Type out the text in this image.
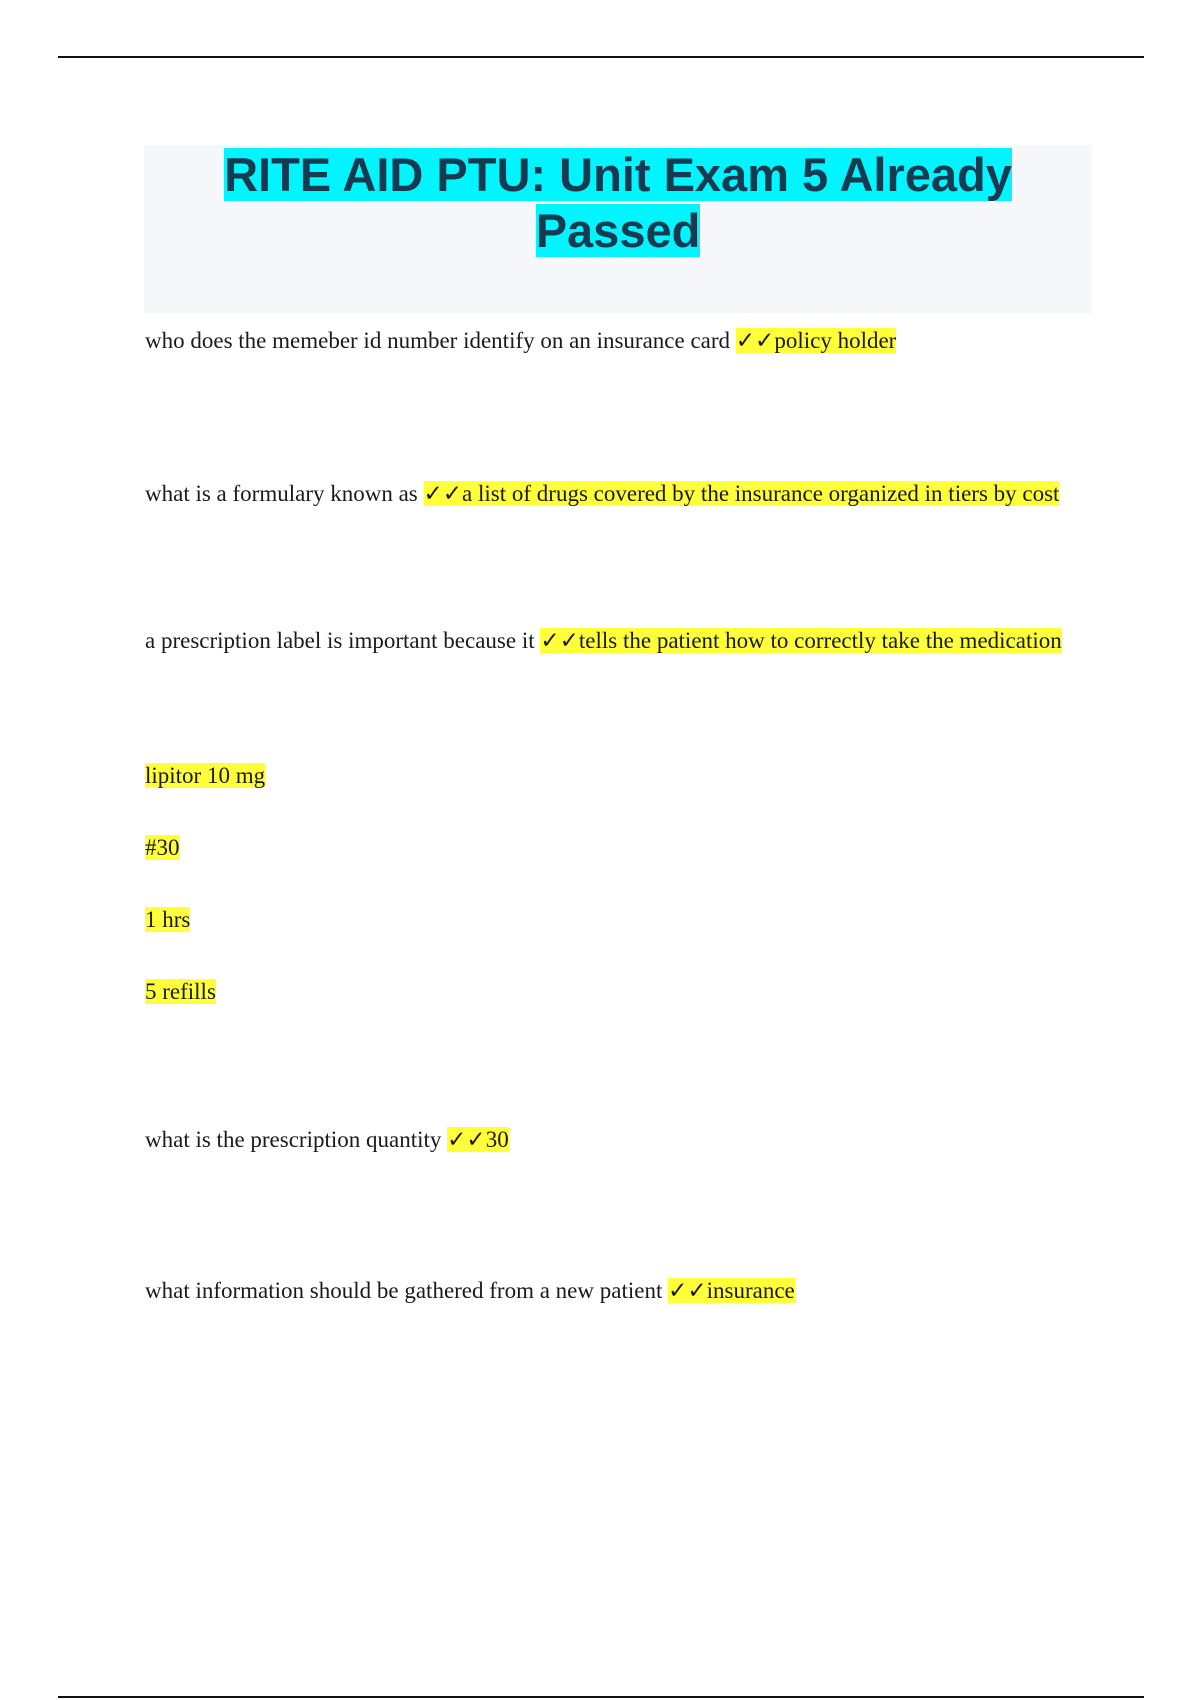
RITE AID PTU: Unit Exam 5 Already
Passed

who does the memeber id number identify on an insurance card ✓✓policy holder

what is a formulary known as ✓✓a list of drugs covered by the insurance organized in tiers by cost

a prescription label is important because it ✓✓tells the patient how to correctly take the medication

lipitor 10 mg

#30

1 hrs

5 refills

what is the prescription quantity ✓✓30

what information should be gathered from a new patient ✓✓insurance
